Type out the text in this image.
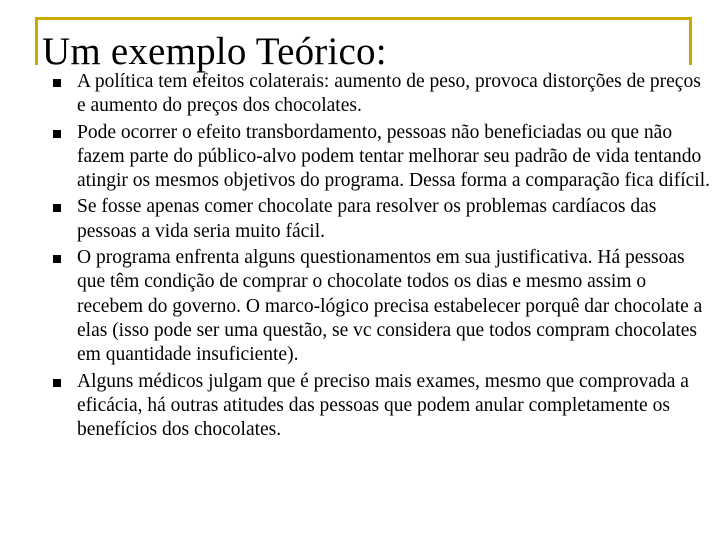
Um exemplo Teórico:
A política tem efeitos colaterais: aumento de peso, provoca distorções de preços e aumento do preços dos chocolates.
Pode ocorrer o efeito transbordamento, pessoas não beneficiadas ou que não fazem parte do público-alvo podem tentar melhorar seu padrão de vida tentando atingir os mesmos objetivos do programa. Dessa forma a comparação fica difícil.
Se fosse apenas comer chocolate para resolver os problemas cardíacos das pessoas a vida seria muito fácil.
O programa enfrenta alguns questionamentos em sua justificativa. Há pessoas que têm condição de comprar o chocolate todos os dias e mesmo assim o recebem do governo. O marco-lógico precisa estabelecer porquê dar chocolate a elas (isso pode ser uma questão, se vc considera que todos compram chocolates em quantidade insuficiente).
Alguns médicos julgam que é preciso mais exames, mesmo que comprovada a eficácia, há outras atitudes das pessoas que podem anular completamente os benefícios dos chocolates.
